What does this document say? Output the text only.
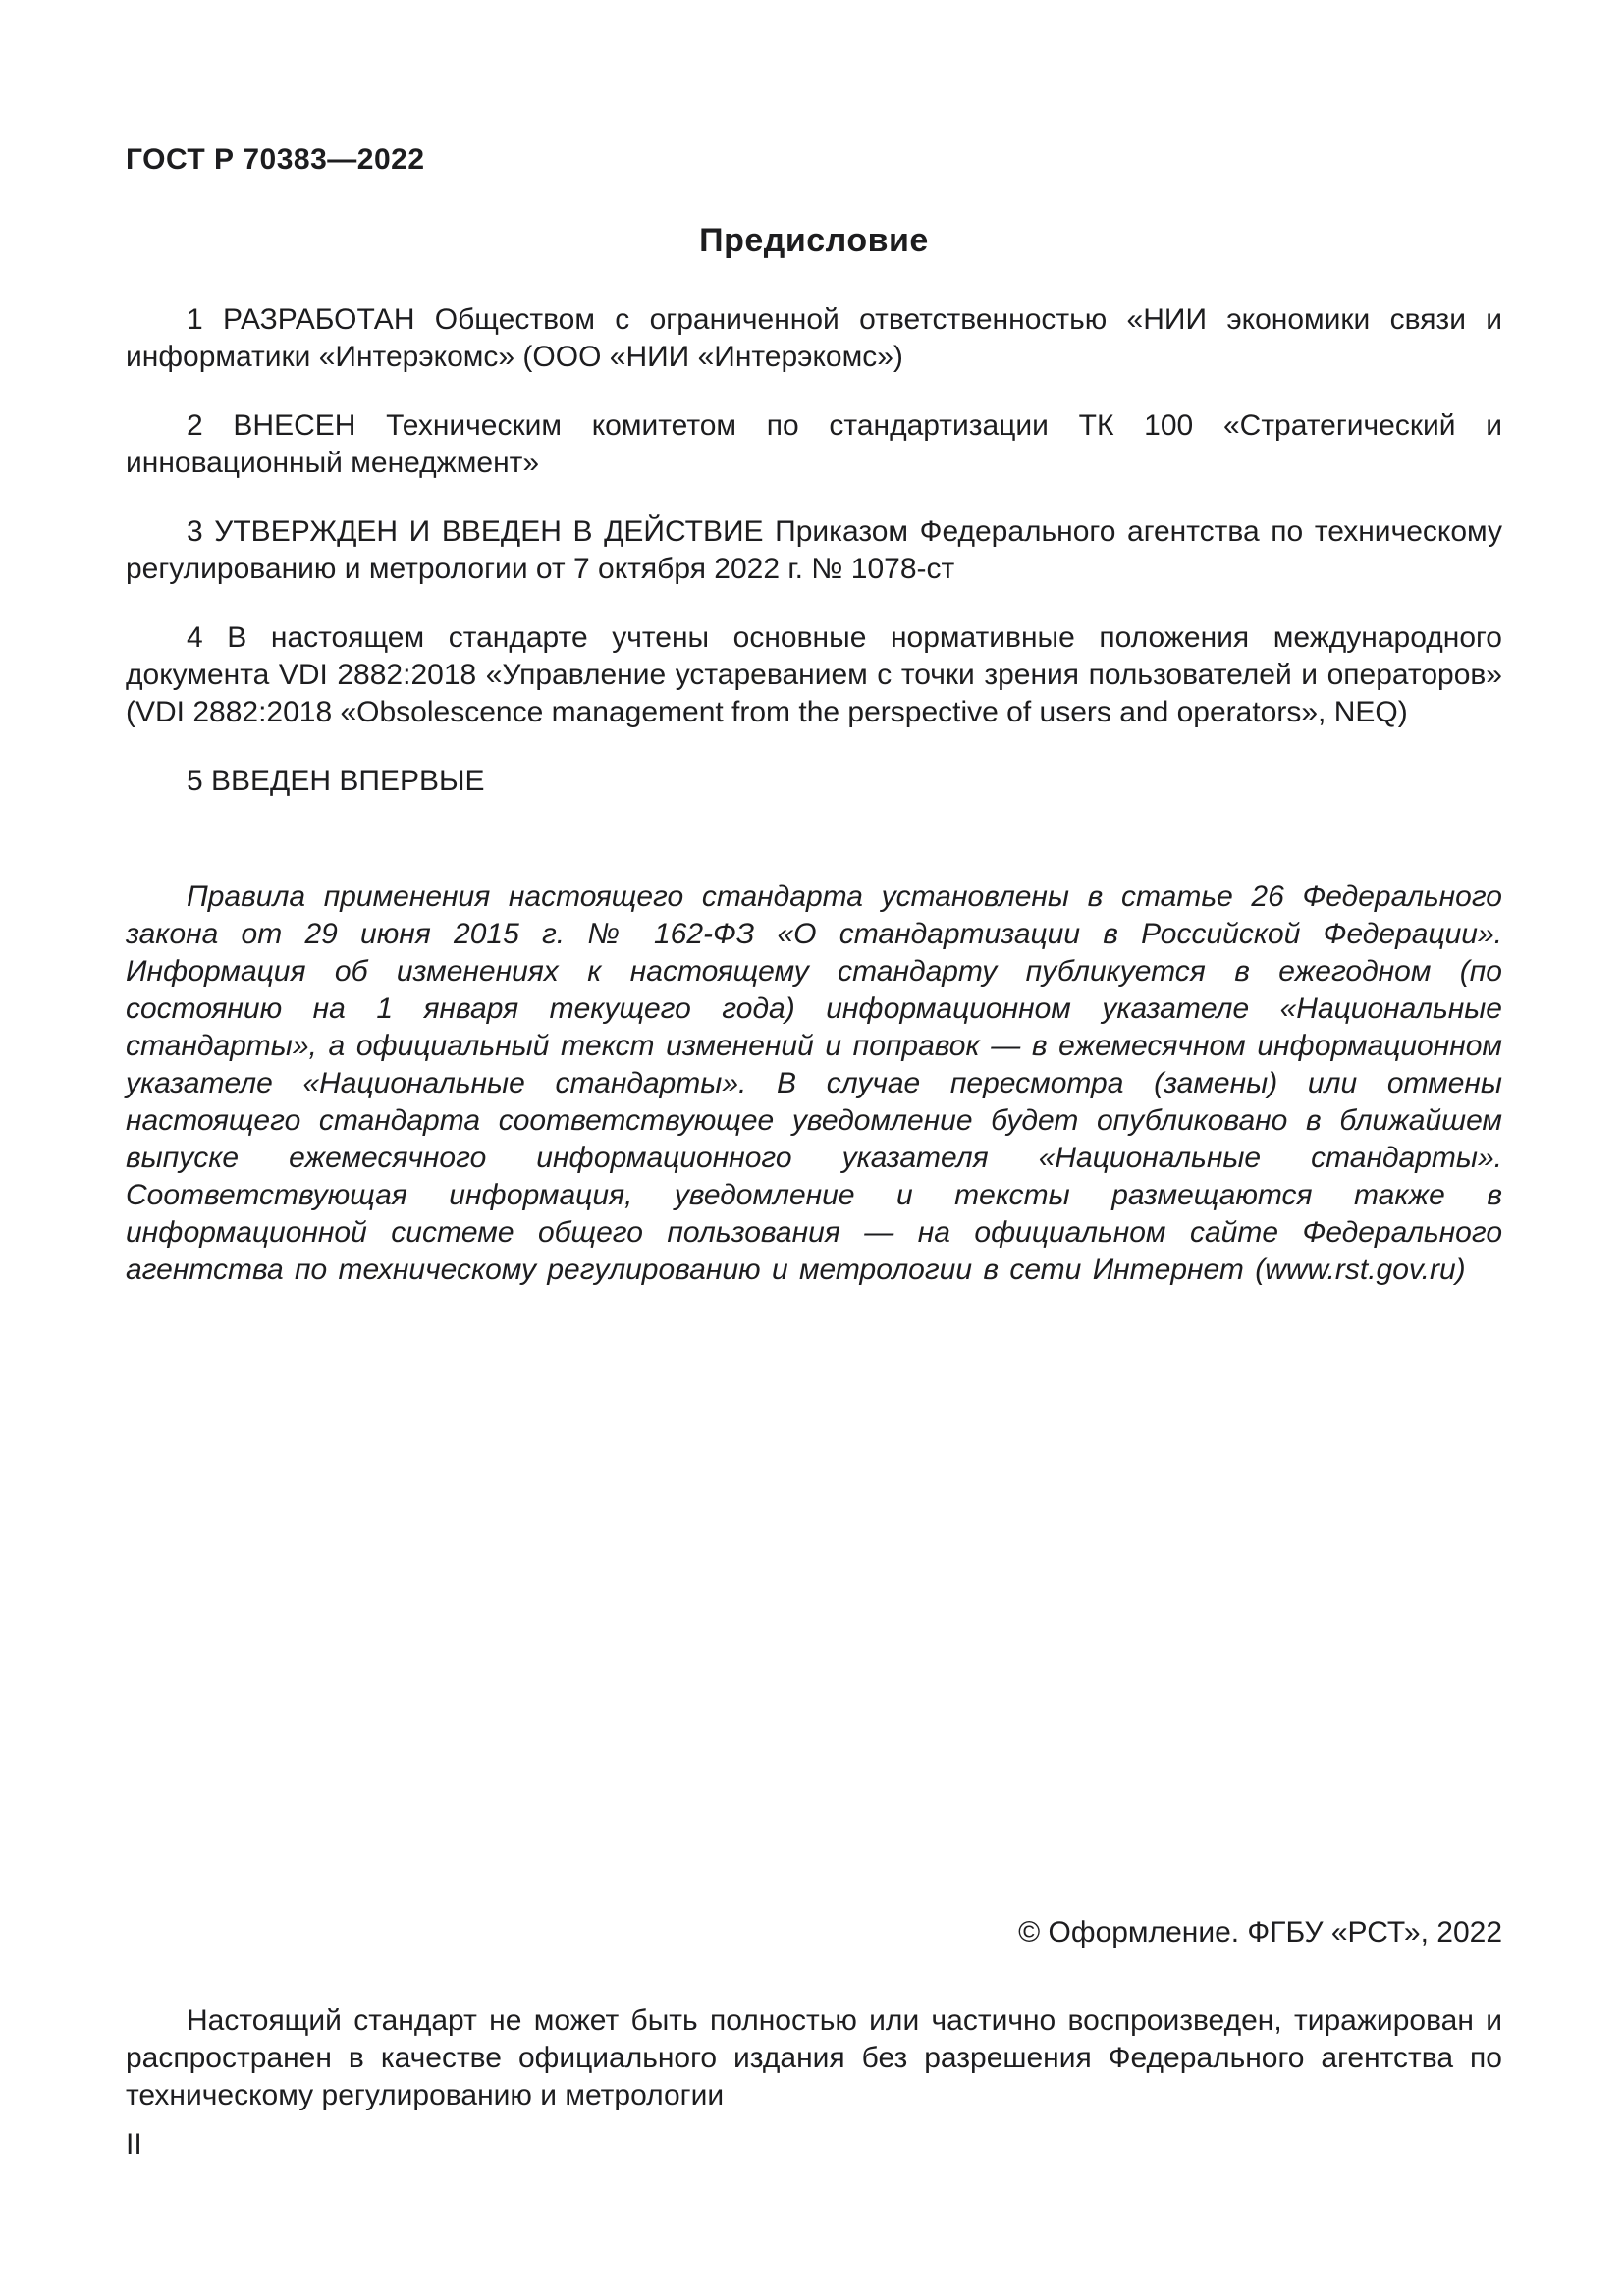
ГОСТ Р 70383—2022
Предисловие

1 РАЗРАБОТАН Обществом с ограниченной ответственностью «НИИ экономики связи и информатики «Интерэкомс» (ООО «НИИ «Интерэкомс»)

2 ВНЕСЕН Техническим комитетом по стандартизации ТК 100 «Стратегический и инновационный менеджмент»

3 УТВЕРЖДЕН И ВВЕДЕН В ДЕЙСТВИЕ Приказом Федерального агентства по техническому регулированию и метрологии от 7 октября 2022 г. № 1078-ст

4 В настоящем стандарте учтены основные нормативные положения международного документа VDI 2882:2018 «Управление устареванием с точки зрения пользователей и операторов» (VDI 2882:2018 «Obsolescence management from the perspective of users and operators», NEQ)

5 ВВЕДЕН ВПЕРВЫЕ

Правила применения настоящего стандарта установлены в статье 26 Федерального закона от 29 июня 2015 г. № 162-ФЗ «О стандартизации в Российской Федерации». Информация об изменениях к настоящему стандарту публикуется в ежегодном (по состоянию на 1 января текущего года) информационном указателе «Национальные стандарты», а официальный текст изменений и поправок — в ежемесячном информационном указателе «Национальные стандарты». В случае пересмотра (замены) или отмены настоящего стандарта соответствующее уведомление будет опубликовано в ближайшем выпуске ежемесячного информационного указателя «Национальные стандарты». Соответствующая информация, уведомление и тексты размещаются также в информационной системе общего пользования — на официальном сайте Федерального агентства по техническому регулированию и метрологии в сети Интернет (www.rst.gov.ru)

© Оформление. ФГБУ «РСТ», 2022

Настоящий стандарт не может быть полностью или частично воспроизведен, тиражирован и распространен в качестве официального издания без разрешения Федерального агентства по техническому регулированию и метрологии

II
